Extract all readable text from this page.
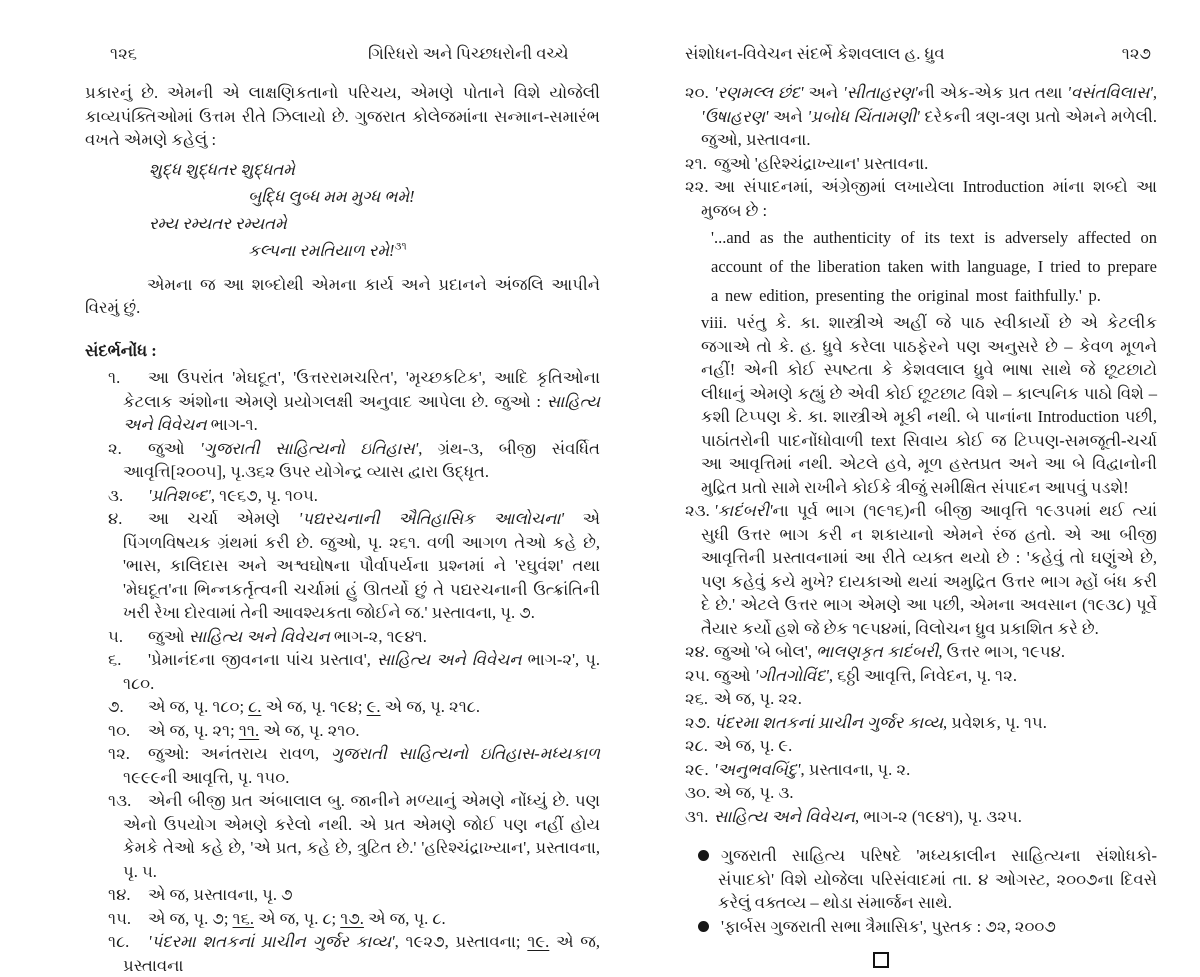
૧૨૬	ગિરિધરો અને પિચ્છધરોની વચ્ચે

પ્રકારનું છે. એમની એ લાક્ષણિકતાનો પરિચય, એમણે પોતાને વિશે યોજેલી કાવ્યપંક્તિઓમાં ઉત્તમ રીતે ઝિલાયો છે. ગુજરાત કોલેજમાંના સન્માન-સમારંભ વખતે એમણે કહેલું :

શુદ્ધ શુદ્ધતર શુદ્ધતમે
બુદ્ધિ લુબ્ધ મમ મુગ્ધ ભમે!
રમ્ય રમ્યતર રમ્યતમે
કલ્પના રમતિયાળ રમે!$^{૩૧}$

એમના જ આ શબ્દોથી એમના કાર્ય અને પ્રદાનને અંજલિ આપીને વિરમું છું.

સંદર્ભનોંધ :

૧. આ ઉપરાંત 'મેઘદૂત', 'ઉત્તરરામચરિત', 'મૃચ્છકટિક', આદિ કૃતિઓના કેટલાક અંશોના એમણે પ્રયોગલક્ષી અનુવાદ આપેલા છે. જુઓ : સાહિત્ય અને વિવેચન ભાગ-૧.
૨. જુઓ 'ગુજરાતી સાહિત્યનો ઇતિહાસ', ગ્રંથ-૩, બીજી સંવર્ધિત આવૃત્તિ[૨૦૦૫], પૃ.૩૬૨ ઉપર યોગેન્દ્ર વ્યાસ દ્વારા ઉદ્ધૃત.
૩. 'પ્રતિશબ્દ', ૧૯૬૭, પૃ. ૧૦૫.
૪. આ ચર્ચા એમણે 'પદ્યરચનાની ઐતિહાસિક આલોચના' એ પિંગળવિષયક ગ્રંથમાં કરી છે. જુઓ, પૃ. ૨૬૧. વળી આગળ તેઓ કહે છે, 'ભાસ, કાલિદાસ અને અશ્વઘોષના પૌર્વાપર્યના પ્રશ્નમાં ને 'રઘુવંશ' તથા 'મેઘદૂત'ના ભિન્નકર્તૃત્વની ચર્ચામાં હું ઊતર્યો છું તે પદ્યરચનાની ઉત્ક્રાંતિની ખરી રેખા દોરવામાં તેની આવશ્યકતા જોઈને જ.' પ્રસ્તાવના, પૃ. ૭.
૫. જુઓ સાહિત્ય અને વિવેચન ભાગ-૨, ૧૯૪૧.
૬. 'પ્રેમાનંદના જીવનના પાંચ પ્રસ્તાવ', સાહિત્ય અને વિવેચન ભાગ-૨', પૃ. ૧૮૦.
૭. એ જ, પૃ. ૧૮૦; ૮. એ જ, પૃ. ૧૯૪; ૯. એ જ, પૃ. ૨૧૮.
૧૦. એ જ, પૃ. ૨૧; ૧૧. એ જ, પૃ. ૨૧૦.
૧૨. જુઓ: અનંતરાય રાવળ, ગુજરાતી સાહિત્યનો ઇતિહાસ-મધ્યકાળ ૧૯૯૯ની આવૃત્તિ, પૃ. ૧૫૦.
૧૩. એની બીજી પ્રત અંબાલાલ બુ. જાનીને મળ્યાનું એમણે નોંધ્યું છે. પણ એનો ઉપયોગ એમણે કરેલો નથી. એ પ્રત એમણે જોઈ પણ નહીં હોય કેમકે તેઓ કહે છે, 'એ પ્રત, કહે છે, ત્રુટિત છે.' 'હરિશ્ચંદ્રાખ્યાન', પ્રસ્તાવના, પૃ. ૫.
૧૪. એ જ, પ્રસ્તાવના, પૃ. ૭
૧૫. એ જ, પૃ. ૭; ૧૬. એ જ, પૃ. ૮; ૧૭. એ જ, પૃ. ૮.
૧૮. 'પંદરમા શતકનાં પ્રાચીન ગુર્જર કાવ્ય', ૧૯૨૭, પ્રસ્તાવના; ૧૯. એ જ, પ્રસ્તાવના
સંશોધન-વિવેચન સંદર્ભે કેશવલાલ હ. ધ્રુવ	૧૨૭
૨૦. 'રણમલ્લ છંદ' અને 'સીતાહરણ'ની એક-એક પ્રત તથા 'વસંતવિલાસ', 'ઉષાહરણ' અને 'પ્રબોધ ચિંતામણી' દરેકની ત્રણ-ત્રણ પ્રતો એમને મળેલી. જુઓ, પ્રસ્તાવના.
૨૧. જુઓ 'હરિશ્ચંદ્રાખ્યાન' પ્રસ્તાવના.
૨૨. આ સંપાદનમાં, અંગ્રેજીમાં લખાયેલા Introduction માંના શબ્દો આ મુજબ છે :
'...and as the authenticity of its text is adversely affected on account of the liberation taken with language, I tried to prepare a new edition, presenting the original most faithfully.' p.
viii. પરંતુ કે. કા. શાસ્ત્રીએ અહીં જે પાઠ સ્વીકાર્યો છે એ કેટલીક જગાએ તો કે. હ. ધ્રુવે કરેલા પાઠફેરને પણ અનુસરે છે – કેવળ મૂળને નહીં! એની કોઈ સ્પષ્ટતા કે કેશવલાલ ધ્રુવે ભાષા સાથે જે છૂટછાટો લીધાનું એમણે કહ્યું છે એવી કોઈ છૂટછાટ વિશે – કાલ્પનિક પાઠો વિશે – કશી ટિપ્પણ કે. કા. શાસ્ત્રીએ મૂકી નથી. બે પાનાંના Introduction પછી, પાઠાંતરોની પાદનોંધોવાળી text સિવાય કોઈ જ ટિપ્પણ-સમજૂતી-ચર્ચા આ આવૃત્તિમાં નથી. એટલે હવે, મૂળ હસ્તપ્રત અને આ બે વિદ્વાનોની મુદ્રિત પ્રતો સામે રાખીને કોઈકે ત્રીજું સમીક્ષિત સંપાદન આપવું પડશે!
૨૩. 'કાદંબરી'ના પૂર્વ ભાગ (૧૯૧૬)ની બીજી આવૃત્તિ ૧૯૩૫માં થઈ ત્યાં સુધી ઉત્તર ભાગ કરી ન શકાયાનો એમને રંજ હતો. એ આ બીજી આવૃત્તિની પ્રસ્તાવનામાં આ રીતે વ્યક્ત થયો છે : 'કહેવું તો ઘણુંએ છે, પણ કહેવું કયે મુખે? દાયકાઓ થયાં અમુદ્રિત ઉત્તર ભાગ મ્હોં બંધ કરી દે છે.' એટલે ઉત્તર ભાગ એમણે આ પછી, એમના અવસાન (૧૯૩૮) પૂર્વે તૈયાર કર્યો હશે જે છેક ૧૯૫૪માં, વિલોચન ધ્રુવ પ્રકાશિત કરે છે.
૨૪. જુઓ 'બે બોલ', ભાલણકૃત કાદંબરી, ઉત્તર ભાગ, ૧૯૫૪.
૨૫. જુઓ 'ગીતગોવિંદ', ૬ઠ્ઠી આવૃત્તિ, નિવેદન, પૃ. ૧૨.
૨૬. એ જ, પૃ. ૨૨.
૨૭. પંદરમા શતકનાં પ્રાચીન ગુર્જર કાવ્ય, પ્રવેશક, પૃ. ૧૫.
૨૮. એ જ, પૃ. ૯.
૨૯. 'અનુભવબિંદુ', પ્રસ્તાવના, પૃ. ૨.
૩૦. એ જ, પૃ. ૩.
૩૧. સાહિત્ય અને વિવેચન, ભાગ-૨ (૧૯૪૧), પૃ. ૩૨૫.
ગુજરાતી સાહિત્ય પરિષદે 'મધ્યકાલીન સાહિત્યના સંશોધકો-સંપાદકો' વિશે યોજેલા પરિસંવાદમાં તા. ૪ ઓગસ્ટ, ૨૦૦૭ના દિવસે કરેલું વક્તવ્ય – થોડા સંમાર્જન સાથે.
'ફાર્બસ ગુજરાતી સભા ત્રૈમાસિક', પુસ્તક : ૭૨, ૨૦૦૭
